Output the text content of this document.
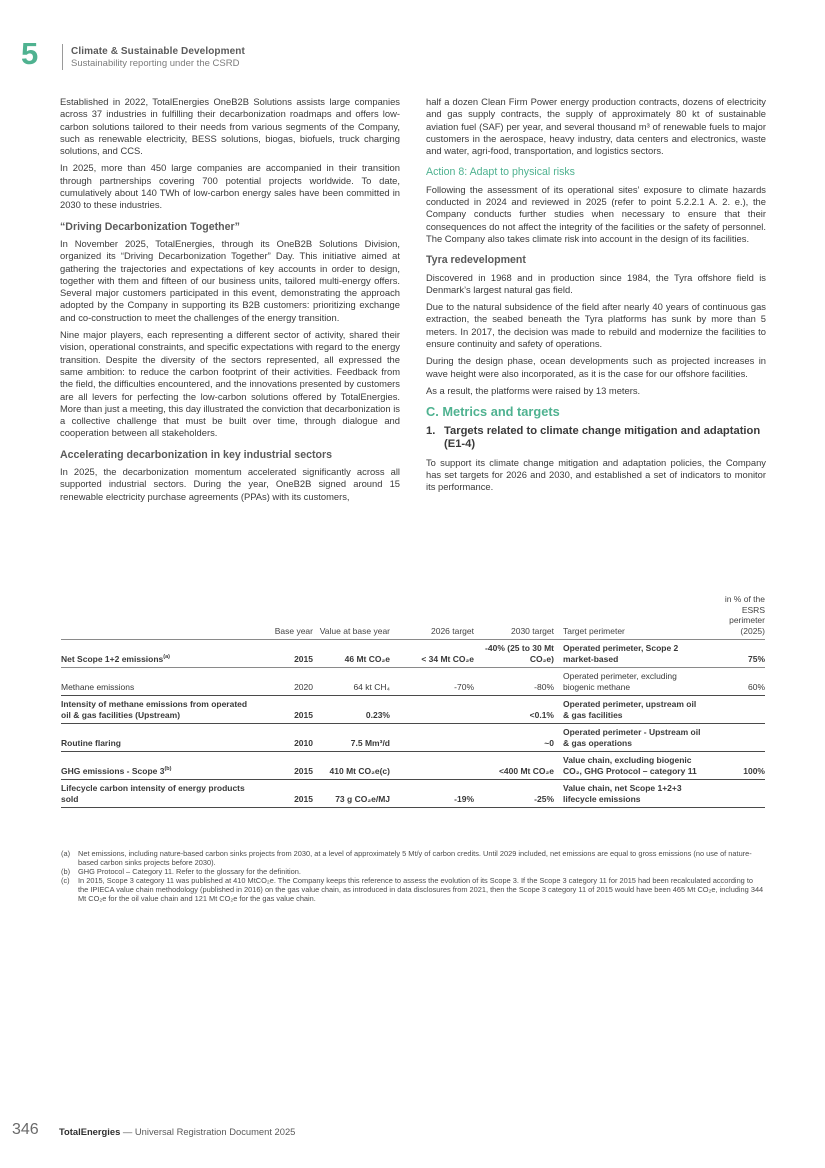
5	Climate & Sustainable Development
Sustainability reporting under the CSRD

Established in 2022, TotalEnergies OneB2B Solutions assists large companies across 37 industries in fulfilling their decarbonization roadmaps and offers low-carbon solutions tailored to their needs from various segments of the Company, such as renewable electricity, BESS solutions, biogas, biofuels, truck charging solutions, and CCS.

In 2025, more than 450 large companies are accompanied in their transition through partnerships covering 700 potential projects worldwide. To date, cumulatively about 140 TWh of low-carbon energy sales have been committed in 2030 to these industries.

“Driving Decarbonization Together”

In November 2025, TotalEnergies, through its OneB2B Solutions Division, organized its “Driving Decarbonization Together” Day. This initiative aimed at gathering the trajectories and expectations of key accounts in order to design, together with them and fifteen of our business units, tailored multi-energy offers. Several major customers participated in this event, demonstrating the approach adopted by the Company in supporting its B2B customers: prioritizing exchange and co-construction to meet the challenges of the energy transition.

Nine major players, each representing a different sector of activity, shared their vision, operational constraints, and specific expectations with regard to the energy transition. Despite the diversity of the sectors represented, all expressed the same ambition: to reduce the carbon footprint of their activities. Feedback from the field, the difficulties encountered, and the innovations presented by customers are all levers for perfecting the low-carbon solutions offered by TotalEnergies. More than just a meeting, this day illustrated the conviction that decarbonization is a collective challenge that must be built over time, through dialogue and cooperation between all stakeholders.

Accelerating decarbonization in key industrial sectors

In 2025, the decarbonization momentum accelerated significantly across all supported industrial sectors. During the year, OneB2B signed around 15 renewable electricity purchase agreements (PPAs) with its customers,

half a dozen Clean Firm Power energy production contracts, dozens of electricity and gas supply contracts, the supply of approximately 80 kt of sustainable aviation fuel (SAF) per year, and several thousand m³ of renewable fuels to major customers in the aerospace, heavy industry, data centers and electronics, waste and water, agri-food, transportation, and logistics sectors.

Action 8: Adapt to physical risks

Following the assessment of its operational sites’ exposure to climate hazards conducted in 2024 and reviewed in 2025 (refer to point 5.2.2.1 A. 2. e.), the Company conducts further studies when necessary to ensure that their consequences do not affect the integrity of the facilities or the safety of personnel. The Company also takes climate risk into account in the design of its facilities.

Tyra redevelopment

Discovered in 1968 and in production since 1984, the Tyra offshore field is Denmark’s largest natural gas field.

Due to the natural subsidence of the field after nearly 40 years of continuous gas extraction, the seabed beneath the Tyra platforms has sunk by more than 5 meters. In 2017, the decision was made to rebuild and modernize the facilities to ensure continuity and safety of operations.

During the design phase, ocean developments such as projected increases in wave height were also incorporated, as it is the case for our offshore facilities.

As a result, the platforms were raised by 13 meters.

C. Metrics and targets
1. Targets related to climate change mitigation and adaptation (E1-4)

To support its climate change mitigation and adaptation policies, the Company has set targets for 2026 and 2030, and established a set of indicators to monitor its performance.

	Base year	Value at base year	2026 target	2030 target	Target perimeter	in % of the ESRS perimeter (2025)
Net Scope 1+2 emissions$^{(a)}$	2015	46 Mt CO₂e	< 34 Mt CO₂e	-40% (25 to 30 Mt CO₂e)	Operated perimeter, Scope 2 market-based	75%
Methane emissions	2020	64 kt CH₄	-70%	-80%	Operated perimeter, excluding biogenic methane	60%
Intensity of methane emissions from operated oil & gas facilities (Upstream)	2015	0.23%		<0.1%	Operated perimeter, upstream oil & gas facilities	
Routine flaring	2010	7.5 Mm³/d		~0	Operated perimeter - Upstream oil & gas operations	
GHG emissions - Scope 3$^{(b)}$	2015	410 Mt CO₂e(c)		<400 Mt CO₂e	Value chain, excluding biogenic CO₂, GHG Protocol – category 11	100%
Lifecycle carbon intensity of energy products sold	2015	73 g CO₂e/MJ	-19%	-25%	Value chain, net Scope 1+2+3 lifecycle emissions	
(a)	Net emissions, including nature-based carbon sinks projects from 2030, at a level of approximately 5 Mt/y of carbon credits. Until 2029 included, net emissions are equal to gross emissions (no use of nature-based carbon sinks projects before 2030).
(b)	GHG Protocol – Category 11. Refer to the glossary for the definition.
(c)	In 2015, Scope 3 category 11 was published at 410 MtCO₂e. The Company keeps this reference to assess the evolution of its Scope 3. If the Scope 3 category 11 for 2015 had been recalculated according to the IPIECA value chain methodology (published in 2016) on the gas value chain, as introduced in data disclosures from 2021, then the Scope 3 category 11 of 2015 would have been 465 Mt CO₂e, including 344 Mt CO₂e for the oil value chain and 121 Mt CO₂e for the gas value chain.
346 TotalEnergies — Universal Registration Document 2025
